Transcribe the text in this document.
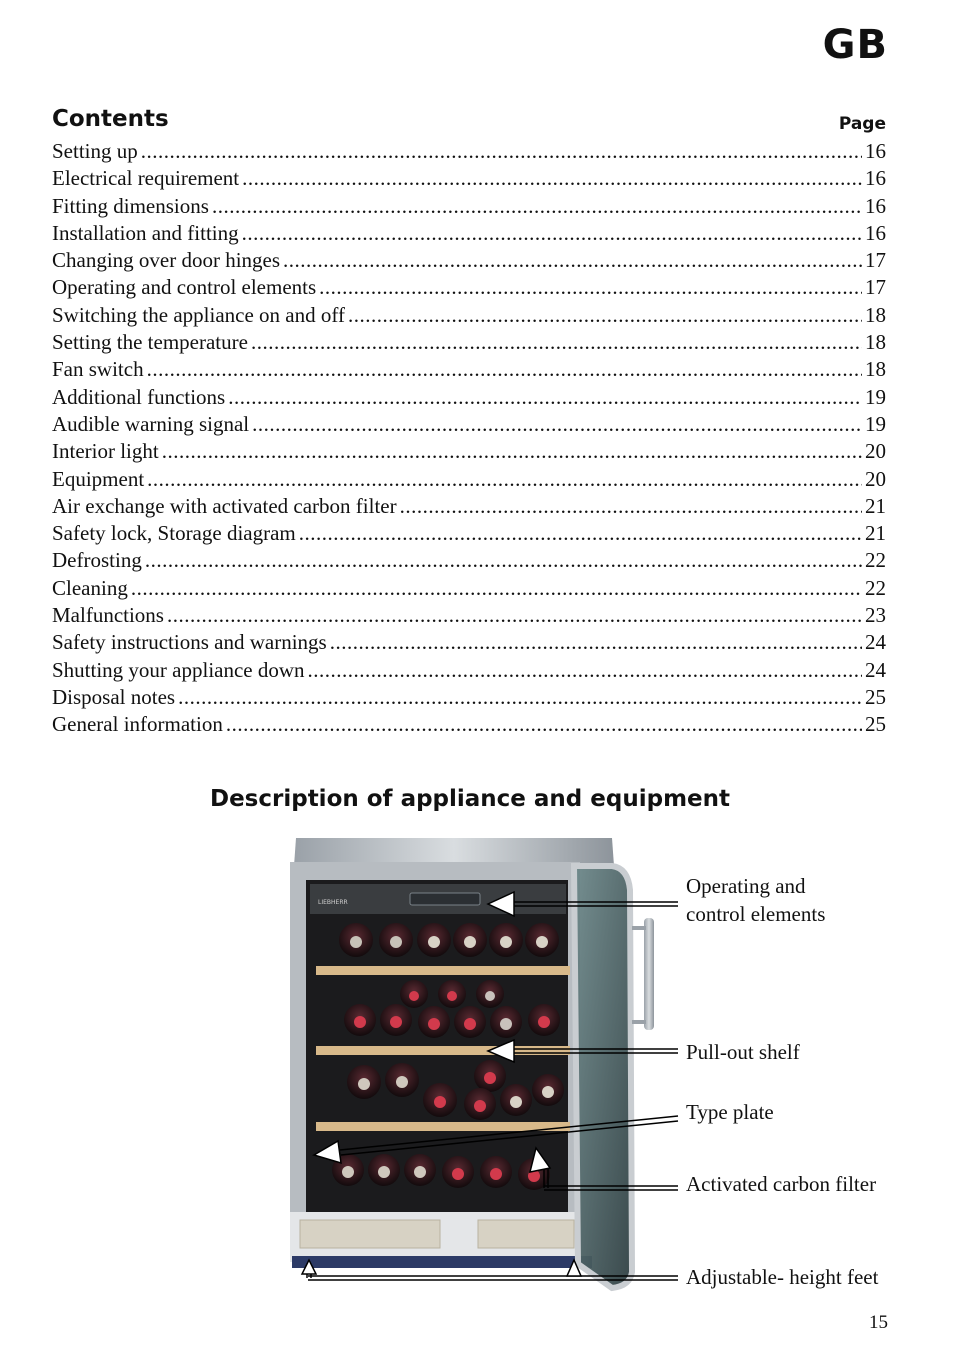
GB
Contents	Page
Setting up .....	16
Electrical requirement .....	16
Fitting dimensions .....	16
Installation and fitting .....	16
Changing over door hinges .....	17
Operating and control elements .....	17
Switching the appliance on and off .....	18
Setting the temperature .....	18
Fan switch .....	18
Additional functions .....	19
Audible warning signal .....	19
Interior light .....	20
Equipment .....	20
Air exchange with activated carbon filter .....	21
Safety lock, Storage diagram .....	21
Defrosting .....	22
Cleaning .....	22
Malfunctions .....	23
Safety instructions and warnings .....	24
Shutting your appliance down .....	24
Disposal notes .....	25
General information .....	25
Description of appliance and equipment
LIEBHERR
Operating and
control elements
Pull-out shelf
Type plate
Activated carbon filter
Adjustable- height feet
15
